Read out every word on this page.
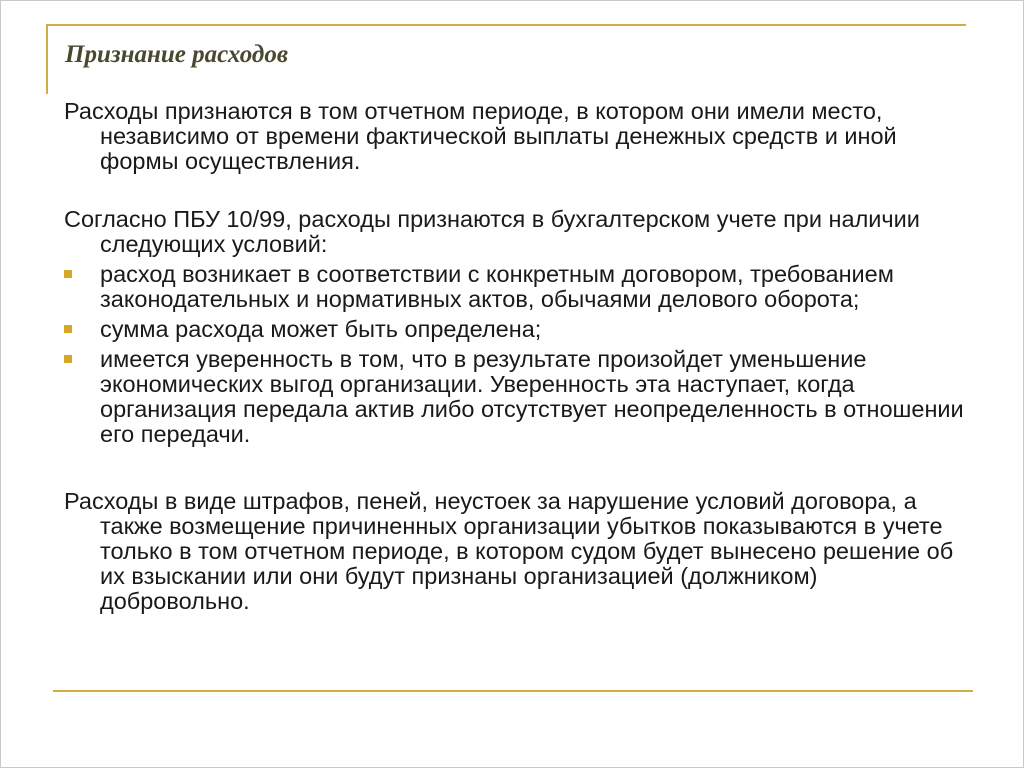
Признание расходов

Расходы признаются в том отчетном периоде, в котором они имели место, независимо от времени фактической выплаты денежных средств и иной формы осуществления.

Согласно ПБУ 10/99, расходы признаются в бухгалтерском учете при наличии следующих условий:

расход возникает в соответствии с конкретным договором, требованием законодательных и нормативных актов, обычаями делового оборота;
сумма расхода может быть определена;
имеется уверенность в том, что в результате произойдет уменьшение экономических выгод организации. Уверенность эта наступает, когда организация передала актив либо отсутствует неопределенность в отношении его передачи.

Расходы в виде штрафов, пеней, неустоек за нарушение условий договора, а также возмещение причиненных организации убытков показываются в учете только в том отчетном периоде, в котором судом будет вынесено решение об их взыскании или они будут признаны организацией (должником) добровольно.
